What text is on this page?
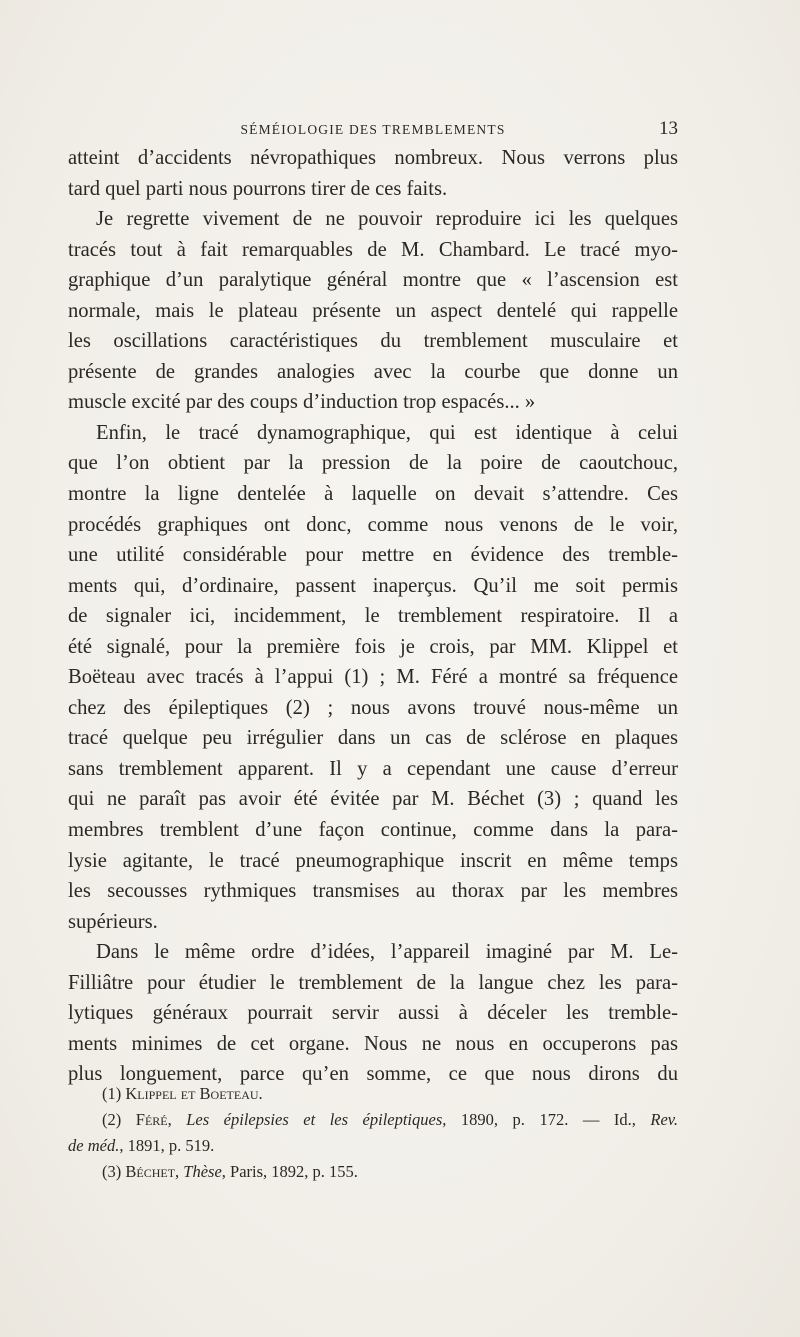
SÉMÉIOLOGIE DES TREMBLEMENTS	13
atteint d’accidents névropathiques nombreux. Nous verrons plus
tard quel parti nous pourrons tirer de ces faits.
Je regrette vivement de ne pouvoir reproduire ici les quelques
tracés tout à fait remarquables de M. Chambard. Le tracé myo-
graphique d’un paralytique général montre que « l’ascension est
normale, mais le plateau présente un aspect dentelé qui rappelle
les oscillations caractéristiques du tremblement musculaire et
présente de grandes analogies avec la courbe que donne un
muscle excité par des coups d’induction trop espacés... »
Enfin, le tracé dynamographique, qui est identique à celui
que l’on obtient par la pression de la poire de caoutchouc,
montre la ligne dentelée à laquelle on devait s’attendre. Ces
procédés graphiques ont donc, comme nous venons de le voir,
une utilité considérable pour mettre en évidence des tremble-
ments qui, d’ordinaire, passent inaperçus. Qu’il me soit permis
de signaler ici, incidemment, le tremblement respiratoire. Il a
été signalé, pour la première fois je crois, par MM. Klippel et
Boëteau avec tracés à l’appui (1) ; M. Féré a montré sa fréquence
chez des épileptiques (2) ; nous avons trouvé nous-même un
tracé quelque peu irrégulier dans un cas de sclérose en plaques
sans tremblement apparent. Il y a cependant une cause d’erreur
qui ne paraît pas avoir été évitée par M. Béchet (3) ; quand les
membres tremblent d’une façon continue, comme dans la para-
lysie agitante, le tracé pneumographique inscrit en même temps
les secousses rythmiques transmises au thorax par les membres
supérieurs.
Dans le même ordre d’idées, l’appareil imaginé par M. Le-
Filliâtre pour étudier le tremblement de la langue chez les para-
lytiques généraux pourrait servir aussi à déceler les tremble-
ments minimes de cet organe. Nous ne nous en occuperons pas
plus longuement, parce qu’en somme, ce que nous dirons du
(1) Klippel et Boeteau.
(2) Féré, Les épilepsies et les épileptiques, 1890, p. 172. — Id., Rev.
de méd., 1891, p. 519.
(3) Béchet, Thèse, Paris, 1892, p. 155.
